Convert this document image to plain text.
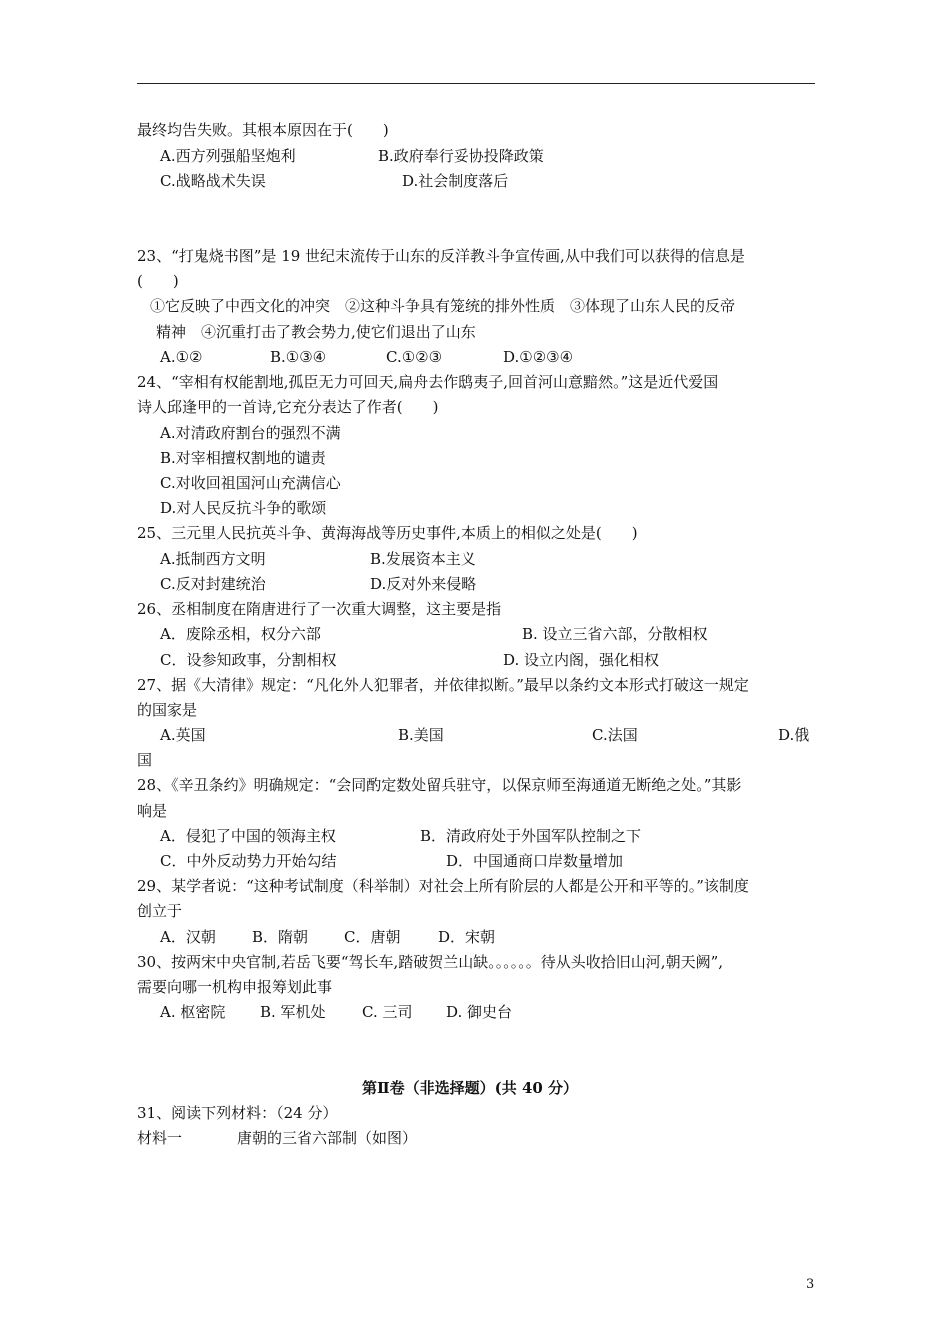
最终均告失败。其根本原因在于(　　)
A.西方列强船坚炮利	B.政府奉行妥协投降政策
C.战略战术失误	D.社会制度落后
23、“打鬼烧书图”是 19 世纪末流传于山东的反洋教斗争宣传画,从中我们可以获得的信息是
(　　)
①它反映了中西文化的冲突　②这种斗争具有笼统的排外性质　③体现了山东人民的反帝
精神　④沉重打击了教会势力,使它们退出了山东
A.①②	B.①③④	C.①②③	D.①②③④
24、“宰相有权能割地,孤臣无力可回天,扁舟去作鸱夷子,回首河山意黯然。”这是近代爱国
诗人邱逢甲的一首诗,它充分表达了作者(　　)
A.对清政府割台的强烈不满
B.对宰相擅权割地的谴责
C.对收回祖国河山充满信心
D.对人民反抗斗争的歌颂
25、三元里人民抗英斗争、黄海海战等历史事件,本质上的相似之处是(　　)
A.抵制西方文明	B.发展资本主义
C.反对封建统治	D.反对外来侵略
26、丞相制度在隋唐进行了一次重大调整，这主要是指
A．废除丞相，权分六部	B. 设立三省六部，分散相权
C．设参知政事，分割相权	D. 设立内阁，强化相权
27、据《大清律》规定：“凡化外人犯罪者，并依律拟断。”最早以条约文本形式打破这一规定
的国家是
A.英国	B.美国	C.法国	D.俄
国
28、《辛丑条约》明确规定：“会同酌定数处留兵驻守，以保京师至海通道无断绝之处。”其影
响是
A．侵犯了中国的领海主权	B．清政府处于外国军队控制之下
C．中外反动势力开始勾结	D．中国通商口岸数量增加
29、某学者说：“这种考试制度（科举制）对社会上所有阶层的人都是公开和平等的。”该制度
创立于
A．汉朝 B．隋朝 C．唐朝	D．宋朝
30、按两宋中央官制,若岳飞要“驾长车,踏破贺兰山缺。。。。。。待从头收拾旧山河,朝天阙”,
需要向哪一机构申报筹划此事
A. 枢密院 B. 军机处 C. 三司 D. 御史台
第Ⅱ卷（非选择题）(共 40 分）
31、阅读下列材料：（24 分）
材料一	唐朝的三省六部制（如图）
3
